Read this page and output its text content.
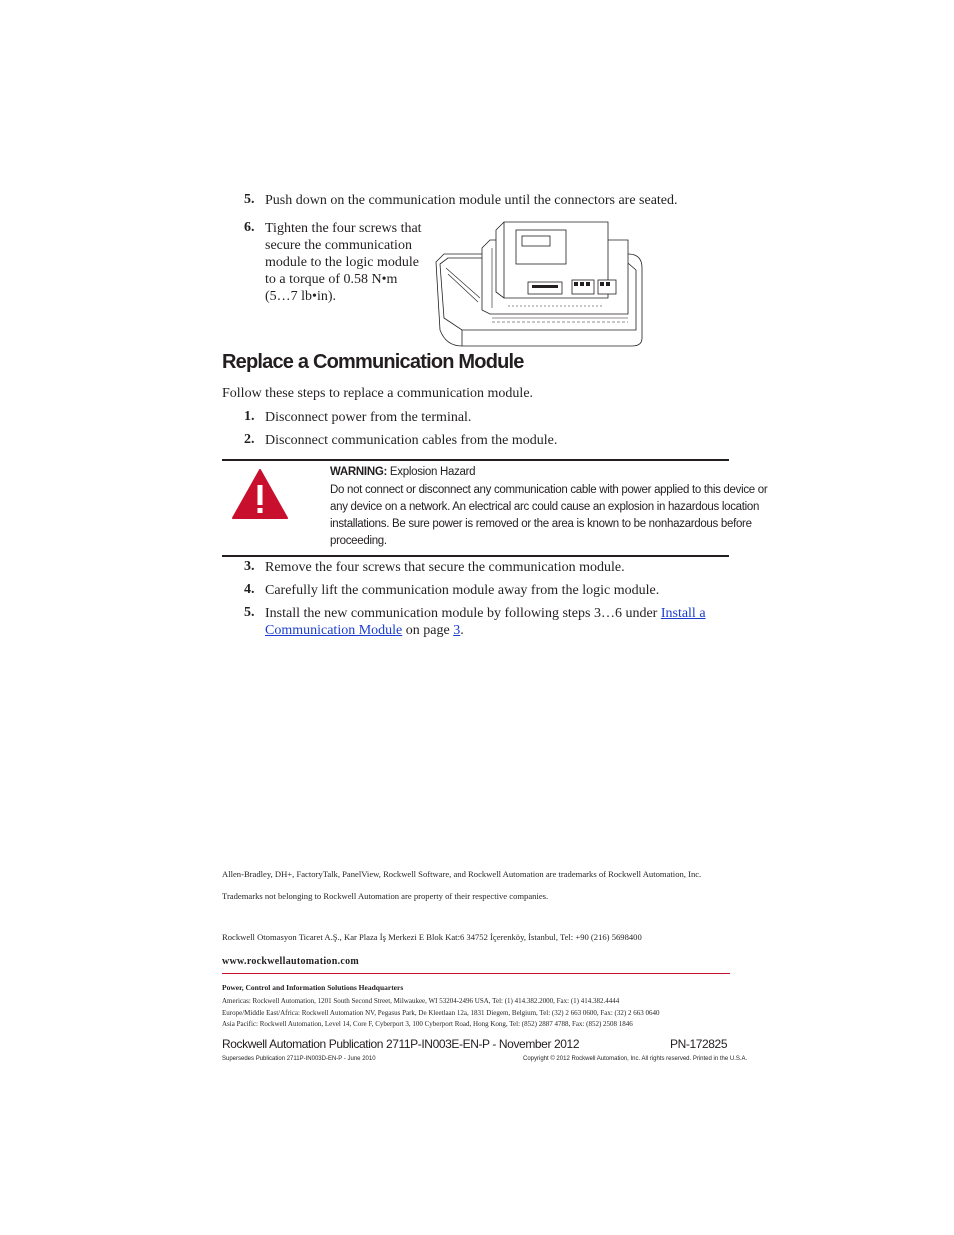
5. Push down on the communication module until the connectors are seated.
6. Tighten the four screws that
secure the communication
module to the logic module
to a torque of 0.58 N•m
(5…7 lb•in).
Replace a Communication Module
Follow these steps to replace a communication module.
1. Disconnect power from the terminal.
2. Disconnect communication cables from the module.
WARNING: Explosion Hazard
Do not connect or disconnect any communication cable with power applied to this device or
any device on a network. An electrical arc could cause an explosion in hazardous location
installations. Be sure power is removed or the area is known to be nonhazardous before
proceeding.
3. Remove the four screws that secure the communication module.
4. Carefully lift the communication module away from the logic module.
5. Install the new communication module by following steps 3…6 under Install a
Communication Module on page 3.
Allen-Bradley, DH+, FactoryTalk, PanelView, Rockwell Software, and Rockwell Automation are trademarks of Rockwell Automation, Inc.
Trademarks not belonging to Rockwell Automation are property of their respective companies.
Rockwell Otomasyon Ticaret A.Ş., Kar Plaza İş Merkezi E Blok Kat:6 34752 İçerenköy, İstanbul, Tel: +90 (216) 5698400
www.rockwellautomation.com
Power, Control and Information Solutions Headquarters
Americas: Rockwell Automation, 1201 South Second Street, Milwaukee, WI 53204-2496 USA, Tel: (1) 414.382.2000, Fax: (1) 414.382.4444
Europe/Middle East/Africa: Rockwell Automation NV, Pegasus Park, De Kleetlaan 12a, 1831 Diegem, Belgium, Tel: (32) 2 663 0600, Fax: (32) 2 663 0640
Asia Pacific: Rockwell Automation, Level 14, Core F, Cyberport 3, 100 Cyberport Road, Hong Kong, Tel: (852) 2887 4788, Fax: (852) 2508 1846
Rockwell Automation Publication 2711P-IN003E-EN-P - November 2012	PN-172825
Supersedes Publication 2711P-IN003D-EN-P - June 2010	Copyright © 2012 Rockwell Automation, Inc. All rights reserved. Printed in the U.S.A.
